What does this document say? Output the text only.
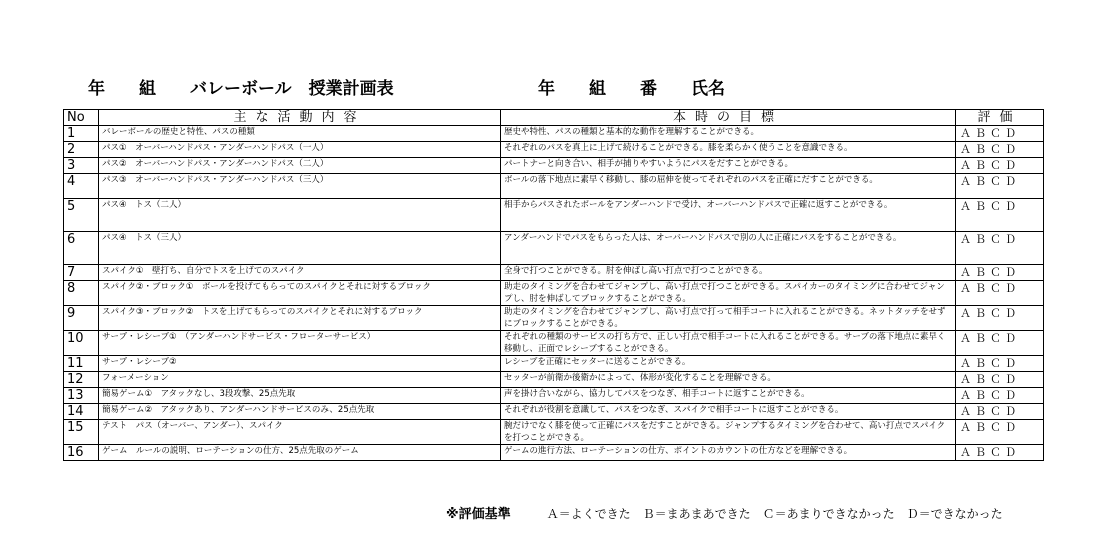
年　　組　　バレーボール　授業計画表	年　　組　　番　　氏名
No	主な活動内容	本時の目標	評価
1	バレーボールの歴史と特性、パスの種類	歴史や特性、パスの種類と基本的な動作を理解することができる。	ＡＢＣＤ
2	パス①　オーバーハンドパス・アンダーハンドパス（一人）	それぞれのパスを真上に上げて続けることができる。膝を柔らかく使うことを意識できる。	ＡＢＣＤ
3	パス②　オーバーハンドパス・アンダーハンドパス（二人）	パートナーと向き合い、相手が捕りやすいようにパスをだすことができる。	ＡＢＣＤ
4	パス③　オーバーハンドパス・アンダーハンドパス（三人）	ボールの落下地点に素早く移動し、膝の屈伸を使ってそれぞれのパスを正確にだすことができる。	ＡＢＣＤ
5	パス④　トス（二人）	相手からパスされたボールをアンダーハンドで受け、オーバーハンドパスで正確に返すことができる。	ＡＢＣＤ
6	パス④　トス（三人）	アンダーハンドでパスをもらった人は、オーバーハンドパスで別の人に正確にパスをすることができる。	ＡＢＣＤ
7	スパイク①　壁打ち、自分でトスを上げてのスパイク	全身で打つことができる。肘を伸ばし高い打点で打つことができる。	ＡＢＣＤ
8	スパイク②・ブロック①　ボールを投げてもらってのスパイクとそれに対するブロック	助走のタイミングを合わせてジャンプし、高い打点で打つことができる。スパイカーのタイミングに合わせてジャンプし、肘を伸ばしてブロックすることができる。	ＡＢＣＤ
9	スパイク③・ブロック②　トスを上げてもらってのスパイクとそれに対するブロック	助走のタイミングを合わせてジャンプし、高い打点で打って相手コートに入れることができる。ネットタッチをせずにブロックすることができる。	ＡＢＣＤ
10	サーブ・レシーブ①　（アンダーハンドサービス・フローターサービス）	それぞれの種類のサービスの打ち方で、正しい打点で相手コートに入れることができる。サーブの落下地点に素早く移動し、正面でレシーブすることができる。	ＡＢＣＤ
11	サーブ・レシーブ②	レシーブを正確にセッターに送ることができる。	ＡＢＣＤ
12	フォーメーション	セッターが前衛か後衛かによって、体形が変化することを理解できる。	ＡＢＣＤ
13	簡易ゲーム①　アタックなし、3段攻撃、25点先取	声を掛け合いながら、協力してパスをつなぎ、相手コートに返すことができる。	ＡＢＣＤ
14	簡易ゲーム②　アタックあり、アンダーハンドサービスのみ、25点先取	それぞれが役割を意識して、パスをつなぎ、スパイクで相手コートに返すことができる。	ＡＢＣＤ
15	テスト　パス（オーバー、アンダー）、スパイク	腕だけでなく膝を使って正確にパスをだすことができる。ジャンプするタイミングを合わせて、高い打点でスパイクを打つことができる。	ＡＢＣＤ
16	ゲーム　ルールの説明、ローテーションの仕方、25点先取のゲーム	ゲームの進行方法、ローテーションの仕方、ポイントのカウントの仕方などを理解できる。	ＡＢＣＤ
※評価基準	Ａ＝よくできた　Ｂ＝まあまあできた　Ｃ＝あまりできなかった　Ｄ＝できなかった
